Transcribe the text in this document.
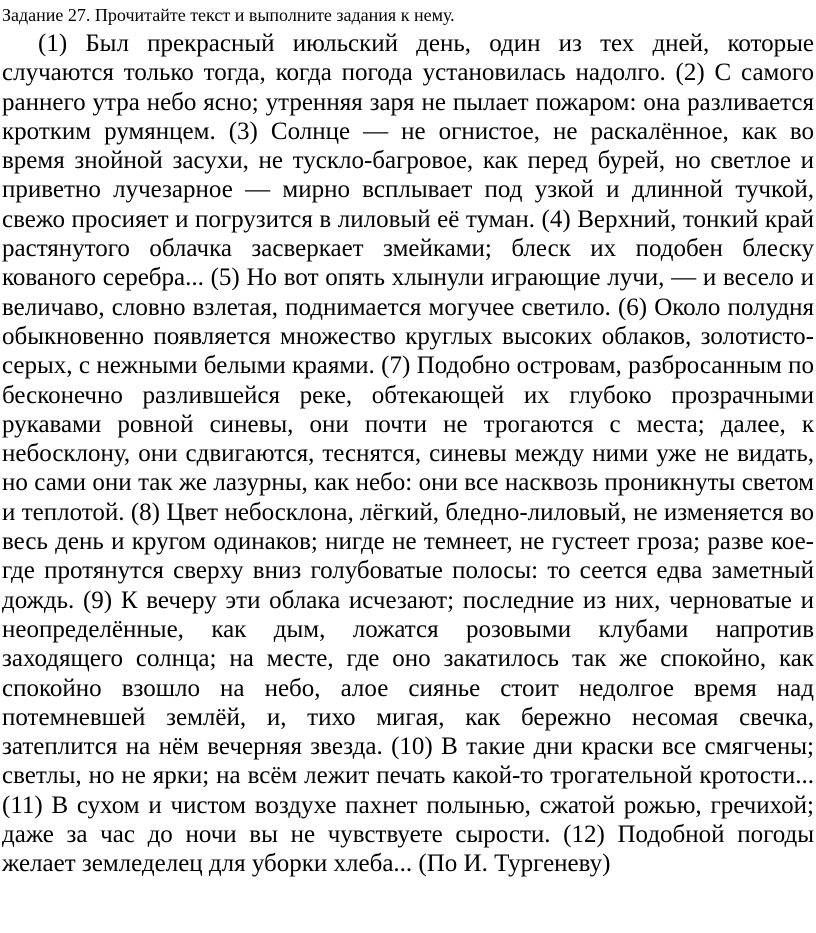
Задание 27. Прочитайте текст и выполните задания к нему.

(1) Был прекрасный июльский день, один из тех дней, которые случаются только тогда, когда погода установилась надолго. (2) С самого раннего утра небо ясно; утренняя заря не пылает пожаром: она разливается кротким румянцем. (3) Солнце — не огнистое, не раскалённое, как во время знойной засухи, не тускло-багровое, как перед бурей, но светлое и приветно лучезарное — мирно всплывает под узкой и длинной тучкой, свежо просияет и погрузится в лиловый её туман. (4) Верхний, тонкий край растянутого облачка засверкает змейками; блеск их подобен блеску кованого серебра... (5) Но вот опять хлынули играющие лучи, — и весело и величаво, словно взлетая, поднимается могучее светило. (6) Около полудня обыкновенно появляется множество круглых высоких облаков, золотисто-серых, с нежными белыми краями. (7) Подобно островам, разбросанным по бесконечно разлившейся реке, обтекающей их глубоко прозрачными рукавами ровной синевы, они почти не трогаются с места; далее, к небосклону, они сдвигаются, теснятся, синевы между ними уже не видать, но сами они так же лазурны, как небо: они все насквозь проникнуты светом и теплотой. (8) Цвет небосклона, лёгкий, бледно-лиловый, не изменяется во весь день и кругом одинаков; нигде не темнеет, не густеет гроза; разве кое-где протянутся сверху вниз голубоватые полосы: то сеется едва заметный дождь. (9) К вечеру эти облака исчезают; последние из них, черноватые и неопределённые, как дым, ложатся розовыми клубами напротив заходящего солнца; на месте, где оно закатилось так же спокойно, как спокойно взошло на небо, алое сиянье стоит недолгое время над потемневшей землёй, и, тихо мигая, как бережно несомая свечка, затеплится на нём вечерняя звезда. (10) В такие дни краски все смягчены; светлы, но не ярки; на всём лежит печать какой-то трогательной кротости... (11) В сухом и чистом воздухе пахнет полынью, сжатой рожью, гречихой; даже за час до ночи вы не чувствуете сырости. (12) Подобной погоды желает земледелец для уборки хлеба... (По И. Тургеневу)
